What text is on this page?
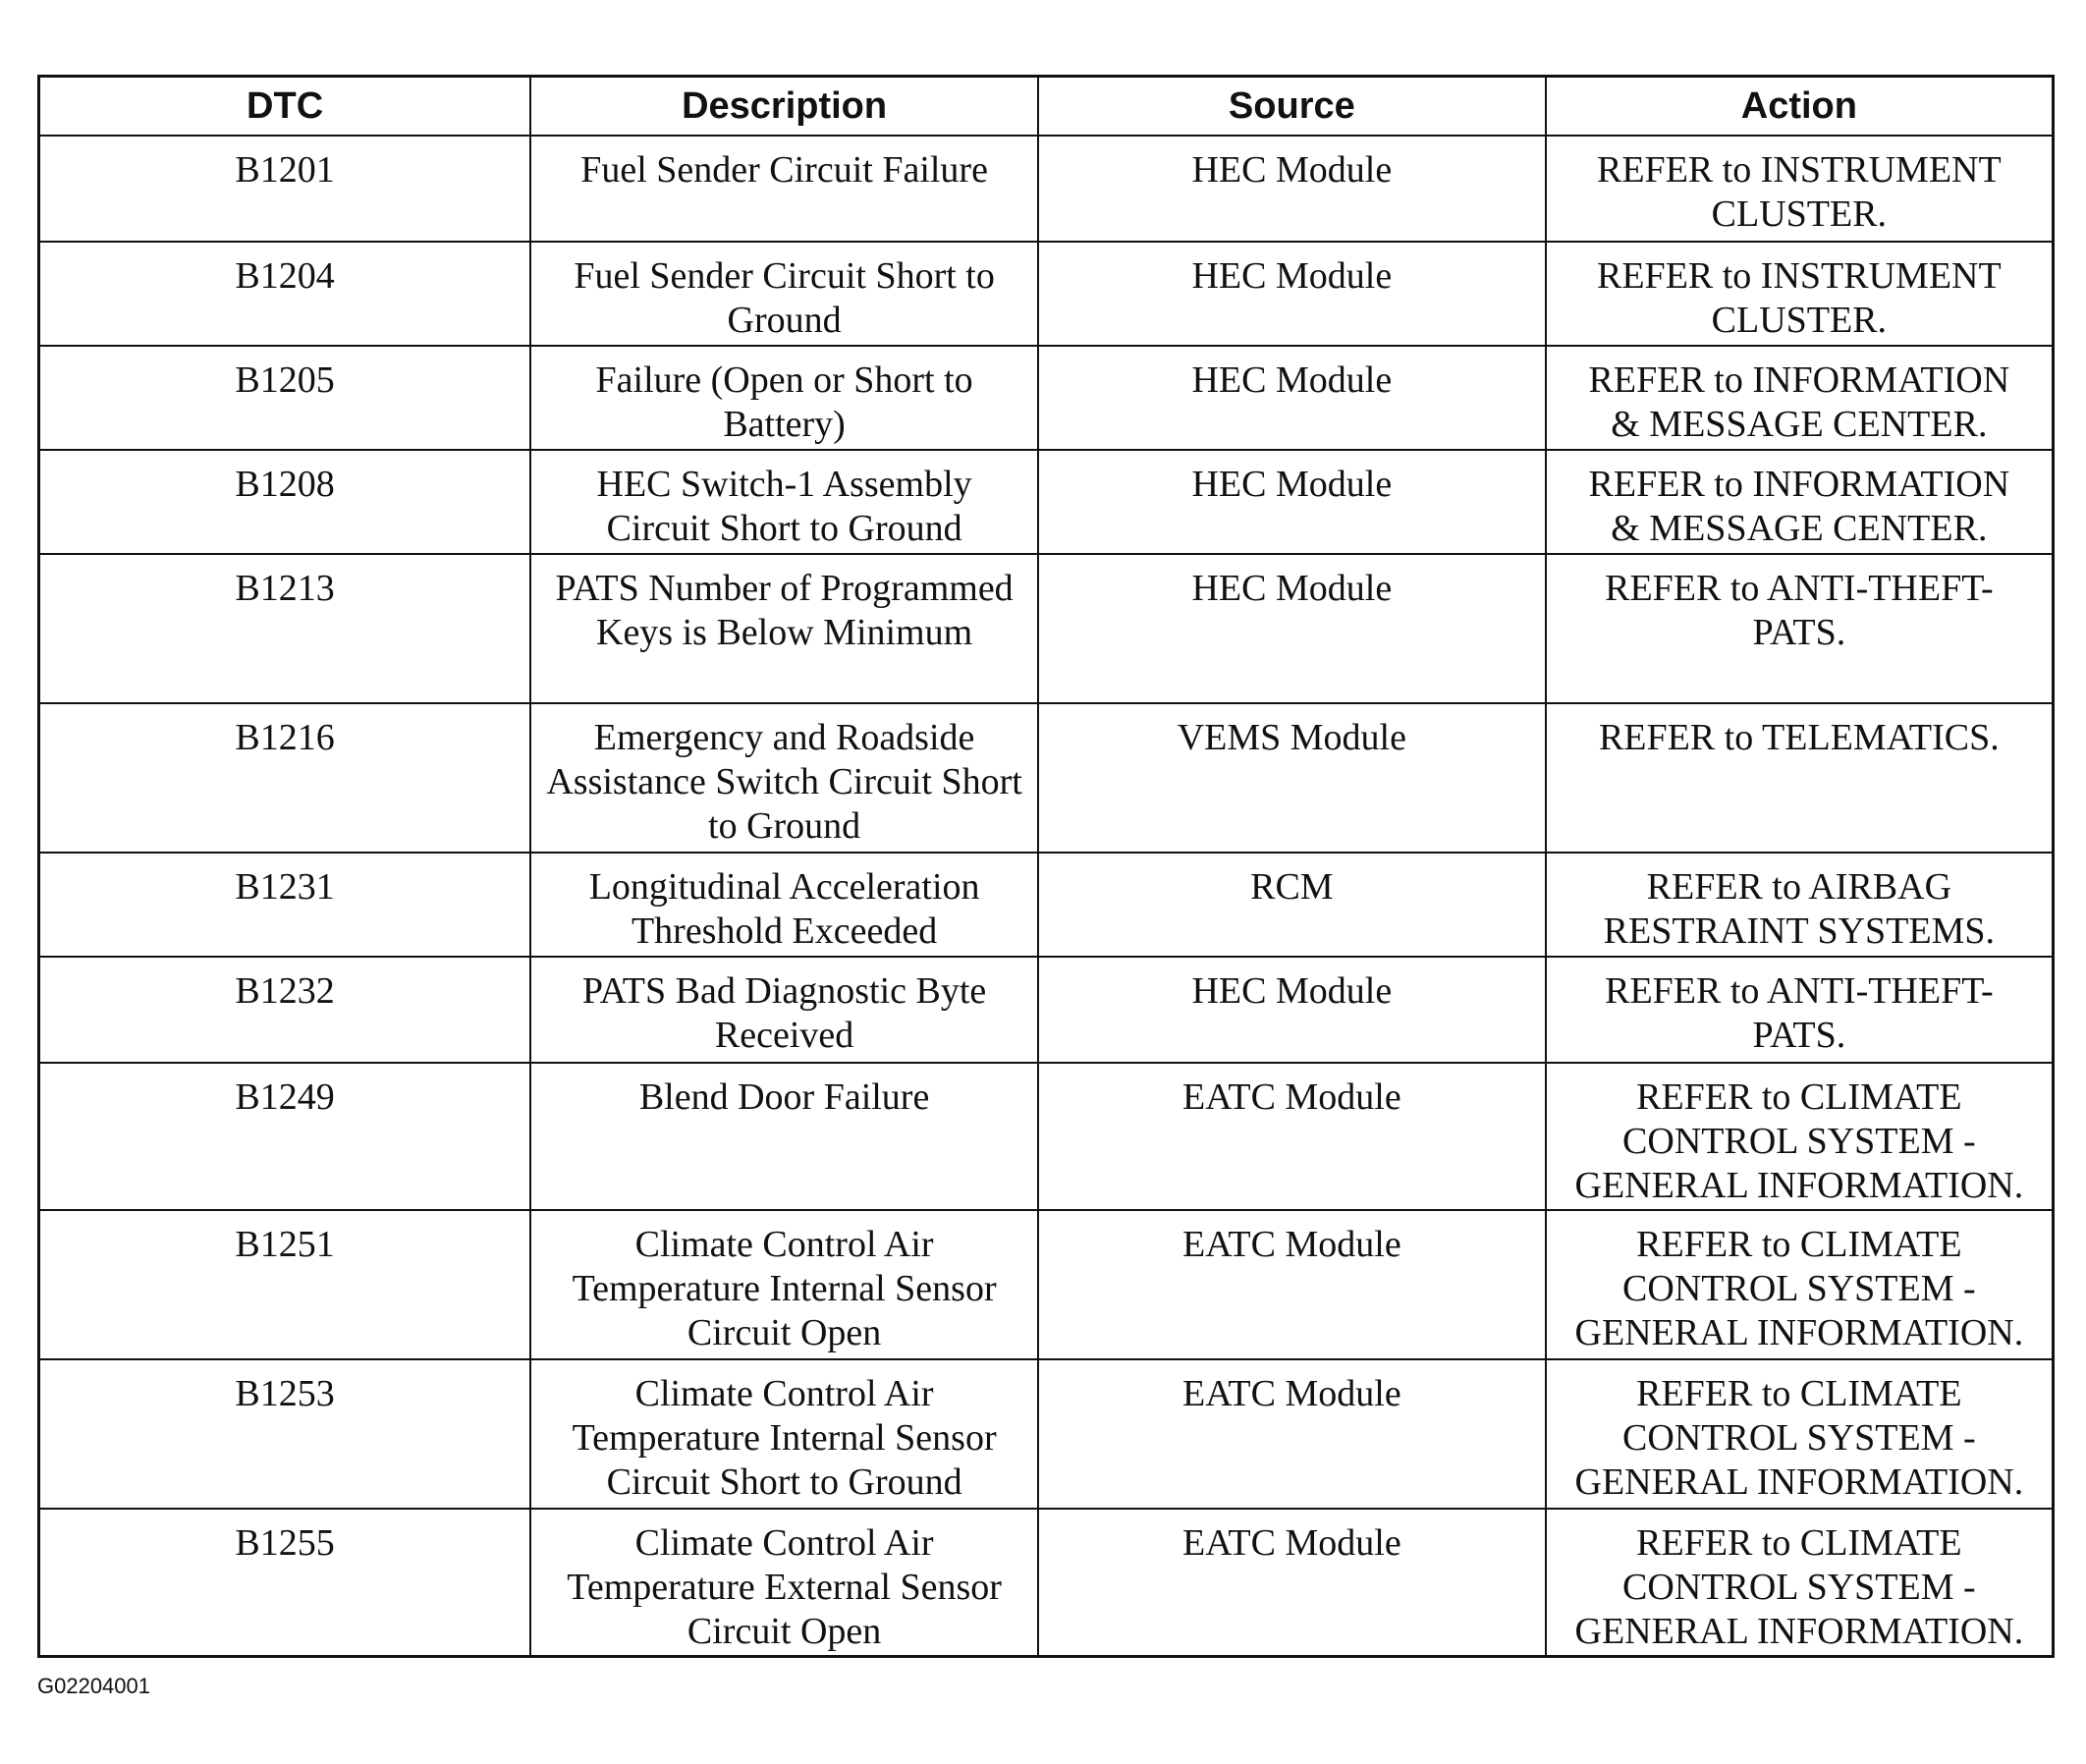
DTC	Description	Source	Action
B1201	Fuel Sender Circuit Failure	HEC Module	REFER to INSTRUMENT
CLUSTER.
B1204	Fuel Sender Circuit Short to Ground	HEC Module	REFER to INSTRUMENT
CLUSTER.
B1205	Failure (Open or Short to Battery)	HEC Module	REFER to INFORMATION
& MESSAGE CENTER.
B1208	HEC Switch-1 Assembly Circuit Short to Ground	HEC Module	REFER to INFORMATION
& MESSAGE CENTER.
B1213	PATS Number of Programmed Keys is Below Minimum	HEC Module	REFER to ANTI-THEFT-
PATS.
B1216	Emergency and Roadside Assistance Switch Circuit Short to Ground	VEMS Module	REFER to TELEMATICS.
B1231	Longitudinal Acceleration Threshold Exceeded	RCM	REFER to AIRBAG
RESTRAINT SYSTEMS.
B1232	PATS Bad Diagnostic Byte Received	HEC Module	REFER to ANTI-THEFT-
PATS.
B1249	Blend Door Failure	EATC Module	REFER to CLIMATE
CONTROL SYSTEM -
GENERAL INFORMATION.
B1251	Climate Control Air Temperature Internal Sensor Circuit Open	EATC Module	REFER to CLIMATE
CONTROL SYSTEM -
GENERAL INFORMATION.
B1253	Climate Control Air Temperature Internal Sensor Circuit Short to Ground	EATC Module	REFER to CLIMATE
CONTROL SYSTEM -
GENERAL INFORMATION.
B1255	Climate Control Air Temperature External Sensor Circuit Open	EATC Module	REFER to CLIMATE
CONTROL SYSTEM -
GENERAL INFORMATION.
G02204001
